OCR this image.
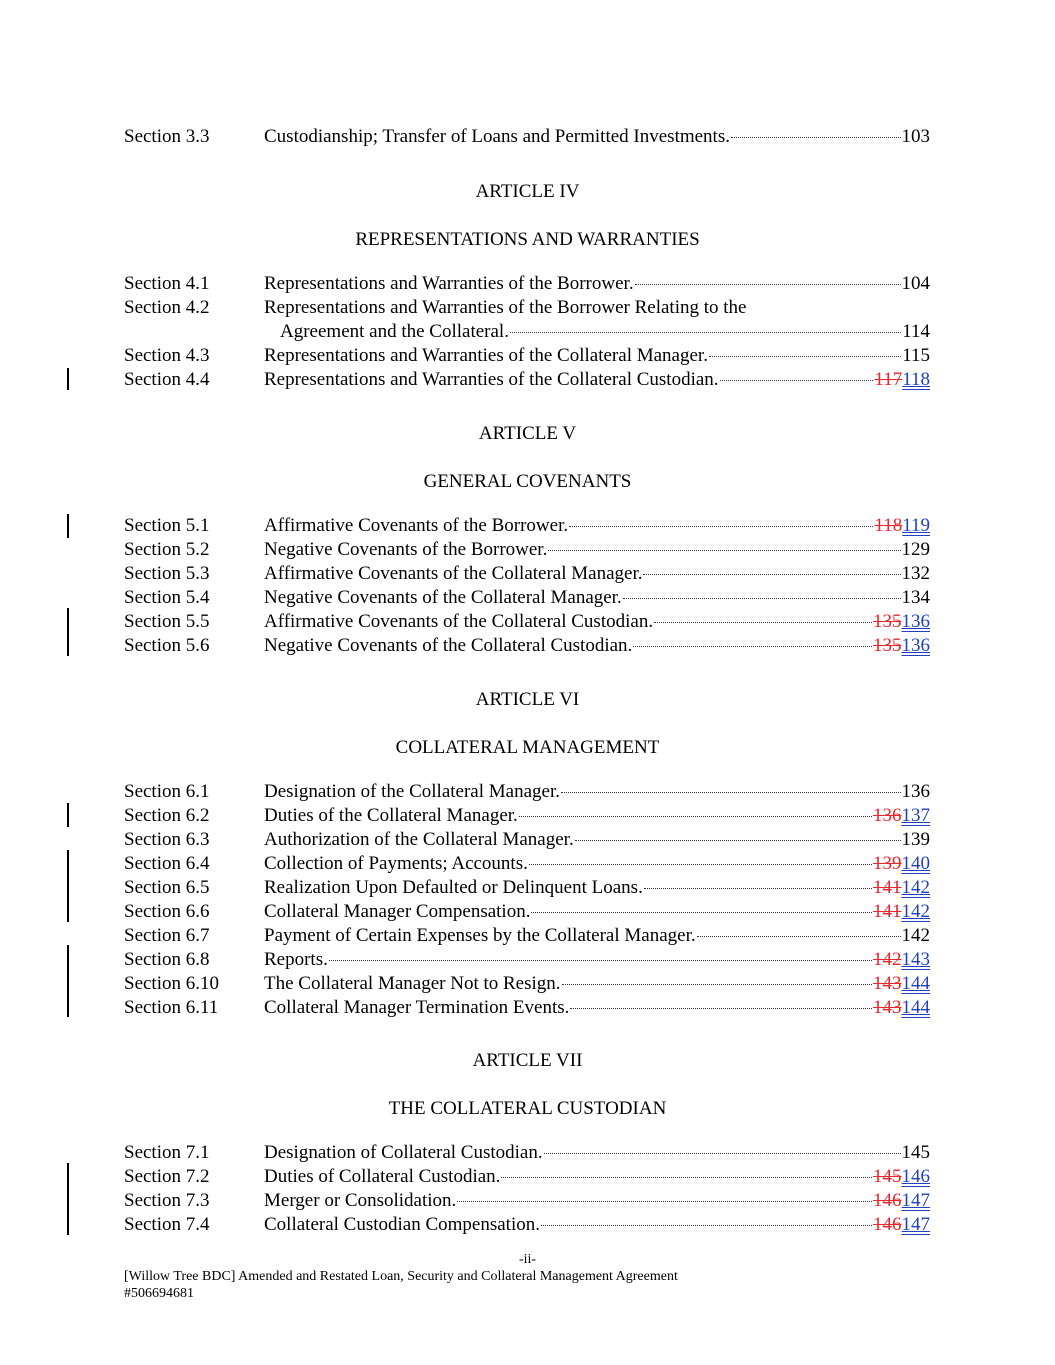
Section 3.3	Custodianship; Transfer of Loans and Permitted Investments.	103
ARTICLE IV
REPRESENTATIONS AND WARRANTIES
Section 4.1	Representations and Warranties of the Borrower.	104
Section 4.2	Representations and Warranties of the Borrower Relating to the
Agreement and the Collateral.	114
Section 4.3	Representations and Warranties of the Collateral Manager.	115
Section 4.4	Representations and Warranties of the Collateral Custodian.	117 118
ARTICLE V
GENERAL COVENANTS
Section 5.1	Affirmative Covenants of the Borrower.	118 119
Section 5.2	Negative Covenants of the Borrower.	129
Section 5.3	Affirmative Covenants of the Collateral Manager.	132
Section 5.4	Negative Covenants of the Collateral Manager.	134
Section 5.5	Affirmative Covenants of the Collateral Custodian.	135 136
Section 5.6	Negative Covenants of the Collateral Custodian.	135 136
ARTICLE VI
COLLATERAL MANAGEMENT
Section 6.1	Designation of the Collateral Manager.	136
Section 6.2	Duties of the Collateral Manager.	136 137
Section 6.3	Authorization of the Collateral Manager.	139
Section 6.4	Collection of Payments; Accounts.	139 140
Section 6.5	Realization Upon Defaulted or Delinquent Loans.	141 142
Section 6.6	Collateral Manager Compensation.	141 142
Section 6.7	Payment of Certain Expenses by the Collateral Manager.	142
Section 6.8	Reports.	142 143
Section 6.10 The Collateral Manager Not to Resign.	143 144
Section 6.11 Collateral Manager Termination Events.	143 144
ARTICLE VII
THE COLLATERAL CUSTODIAN
Section 7.1	Designation of Collateral Custodian.	145
Section 7.2	Duties of Collateral Custodian.	145 146
Section 7.3	Merger or Consolidation.	146 147
Section 7.4	Collateral Custodian Compensation.	146 147
-ii-
[Willow Tree BDC] Amended and Restated Loan, Security and Collateral Management Agreement
#506694681
